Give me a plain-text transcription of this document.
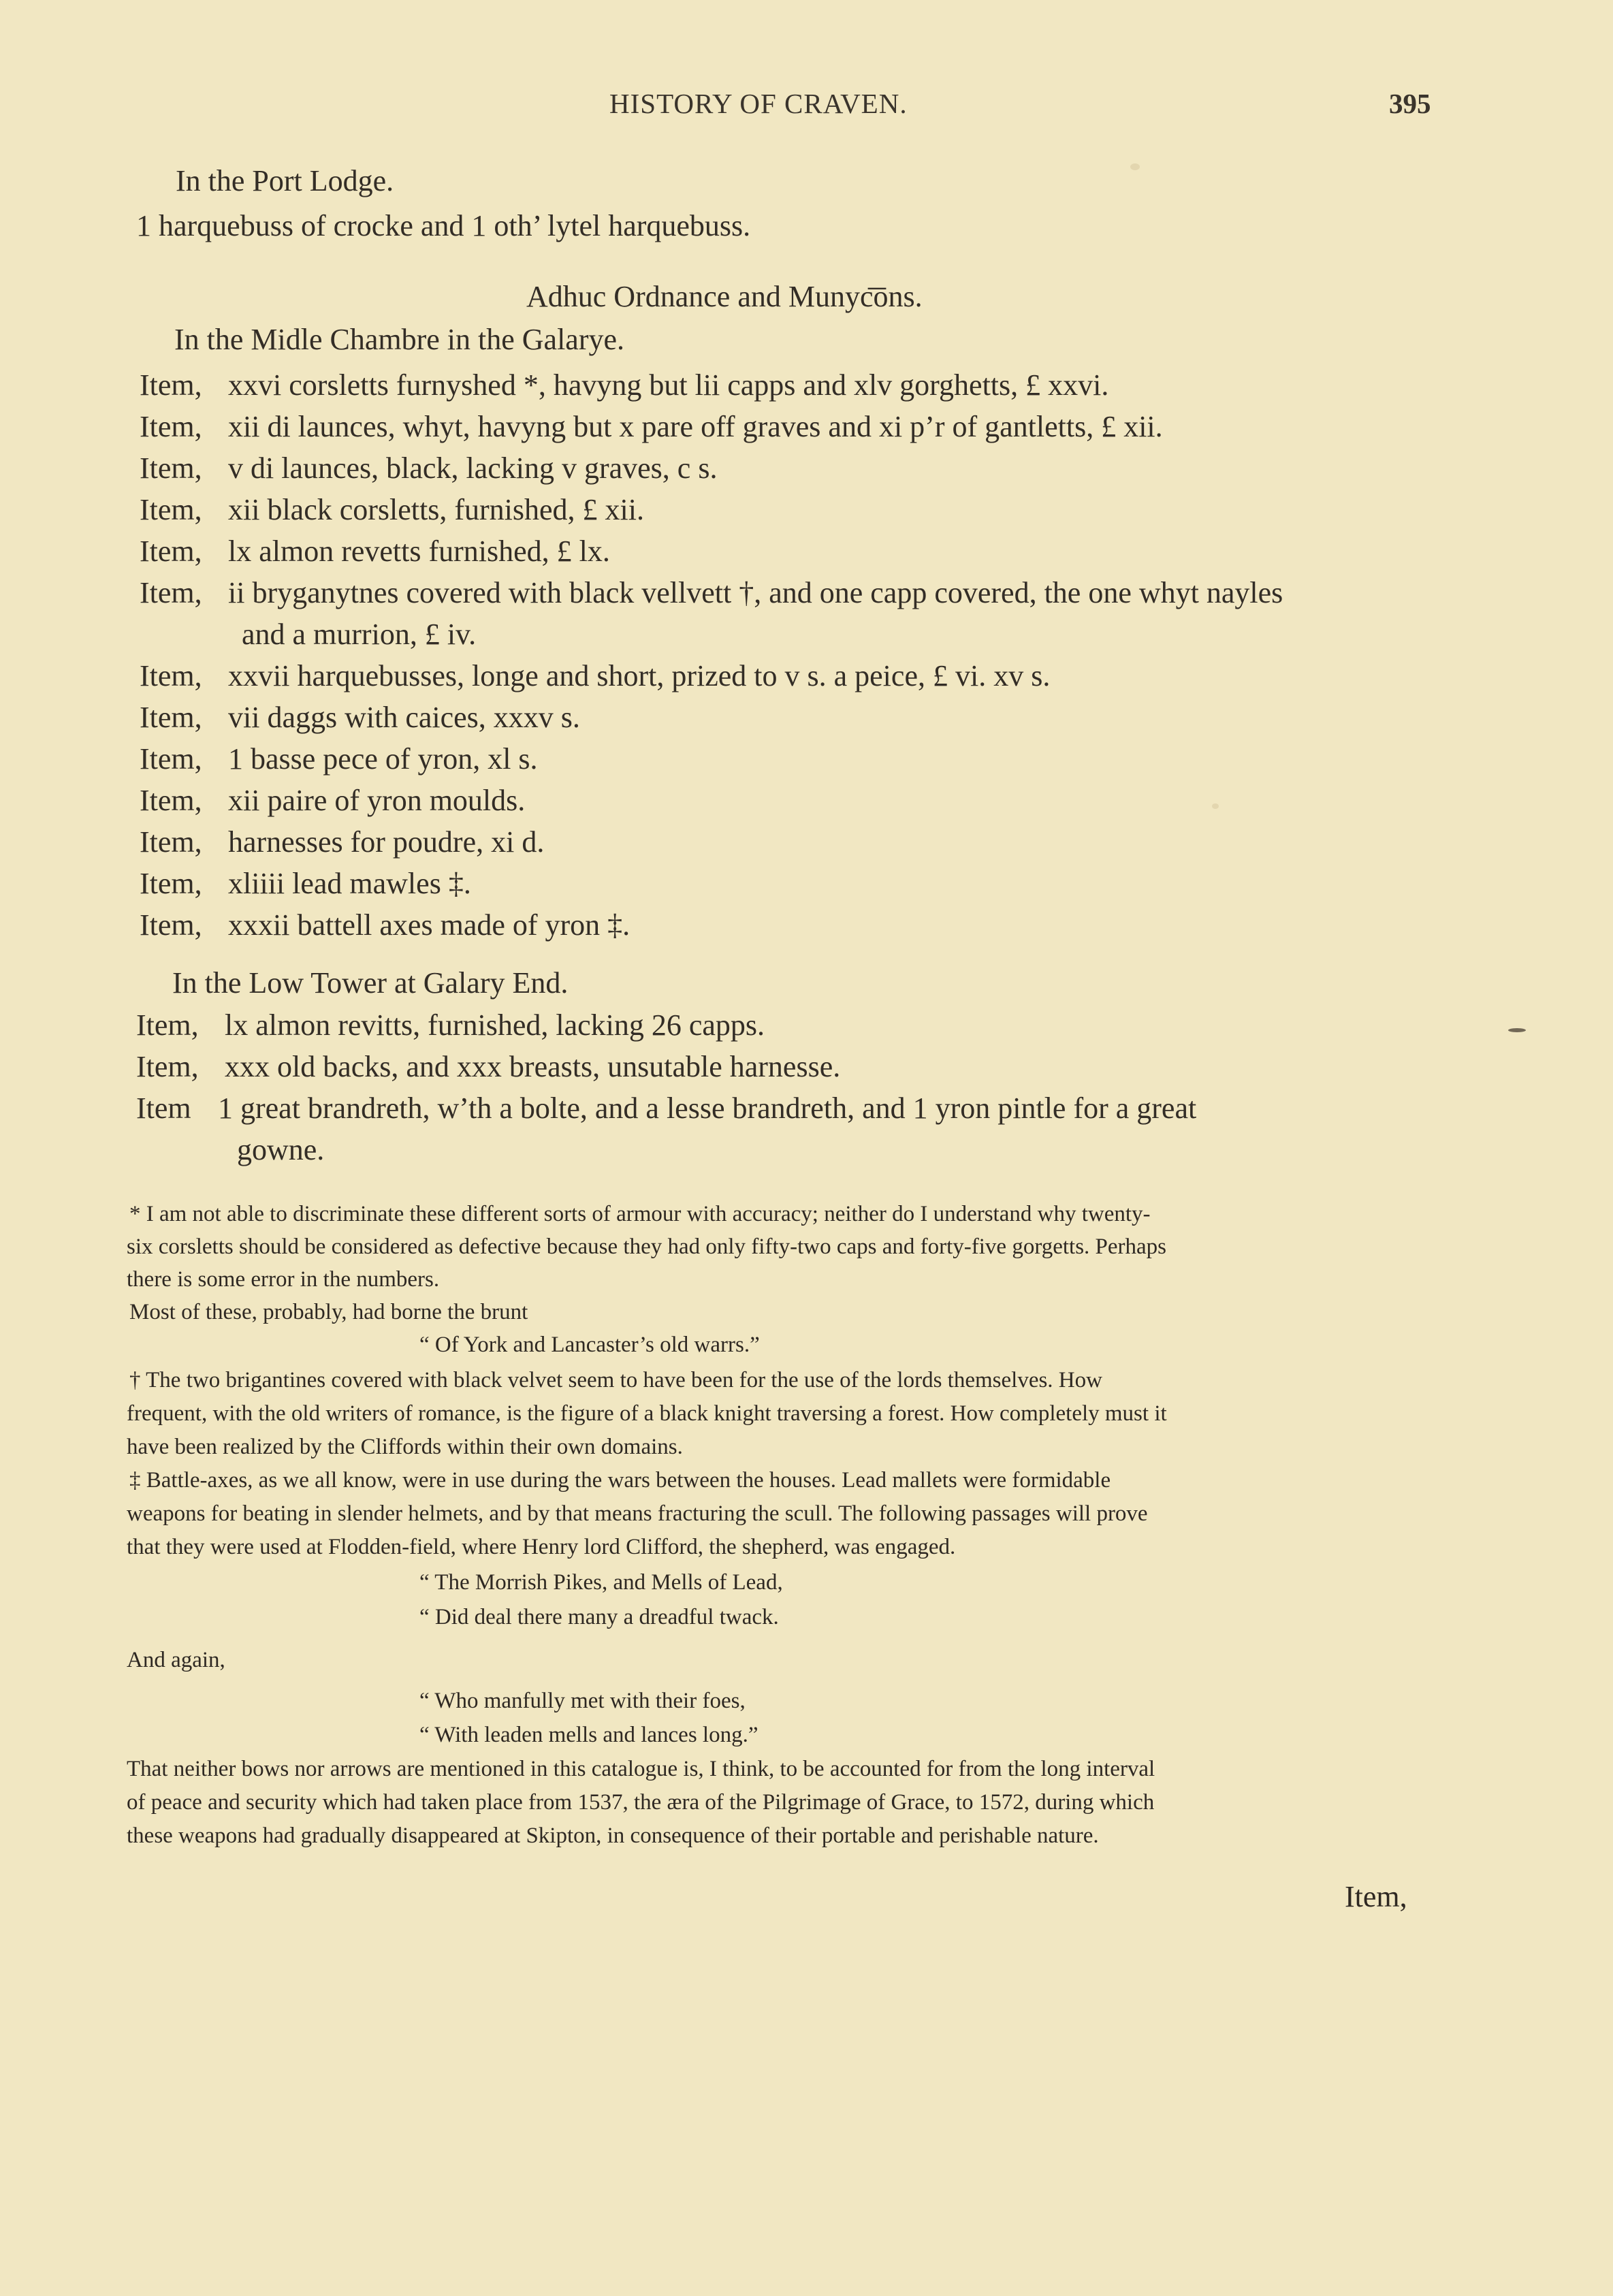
HISTORY OF CRAVEN.	395
In the Port Lodge.
1 harquebuss of crocke and 1 oth’ lytel harquebuss.
Adhuc Ordnance and Munyc͞ons.
In the Midle Chambre in the Galarye.
Item, xxvi corsletts furnyshed *, havyng but lii capps and xlv gorghetts, £ xxvi.
Item, xii di launces, whyt, havyng but x pare off graves and xi p’r of gantletts, £ xii.
Item, v di launces, black, lacking v graves, c s.
Item, xii black corsletts, furnished, £ xii.
Item, lx almon revetts furnished, £ lx.
Item, ii bryganytnes covered with black vellvett †, and one capp covered, the one whyt nayles
and a murrion, £ iv.
Item, xxvii harquebusses, longe and short, prized to v s. a peice, £ vi. xv s.
Item, vii daggs with caices, xxxv s.
Item, 1 basse pece of yron, xl s.
Item, xii paire of yron moulds.
Item, harnesses for poudre, xi d.
Item, xliiii lead mawles ‡.
Item, xxxii battell axes made of yron ‡.
In the Low Tower at Galary End.
Item, lx almon revitts, furnished, lacking 26 capps.
Item, xxx old backs, and xxx breasts, unsutable harnesse.
Item 1 great brandreth, w’th a bolte, and a lesse brandreth, and 1 yron pintle for a great
gowne.
* I am not able to discriminate these different sorts of armour with accuracy; neither do I understand why twenty-
six corsletts should be considered as defective because they had only fifty-two caps and forty-five gorgetts. Perhaps
there is some error in the numbers.
Most of these, probably, had borne the brunt
“ Of York and Lancaster’s old warrs.”
† The two brigantines covered with black velvet seem to have been for the use of the lords themselves. How
frequent, with the old writers of romance, is the figure of a black knight traversing a forest. How completely must it
have been realized by the Cliffords within their own domains.
‡ Battle-axes, as we all know, were in use during the wars between the houses. Lead mallets were formidable
weapons for beating in slender helmets, and by that means fracturing the scull. The following passages will prove
that they were used at Flodden-field, where Henry lord Clifford, the shepherd, was engaged.
“ The Morrish Pikes, and Mells of Lead,
“ Did deal there many a dreadful twack.
And again,
“ Who manfully met with their foes,
“ With leaden mells and lances long.”
That neither bows nor arrows are mentioned in this catalogue is, I think, to be accounted for from the long interval
of peace and security which had taken place from 1537, the æra of the Pilgrimage of Grace, to 1572, during which
these weapons had gradually disappeared at Skipton, in consequence of their portable and perishable nature.
Item,
